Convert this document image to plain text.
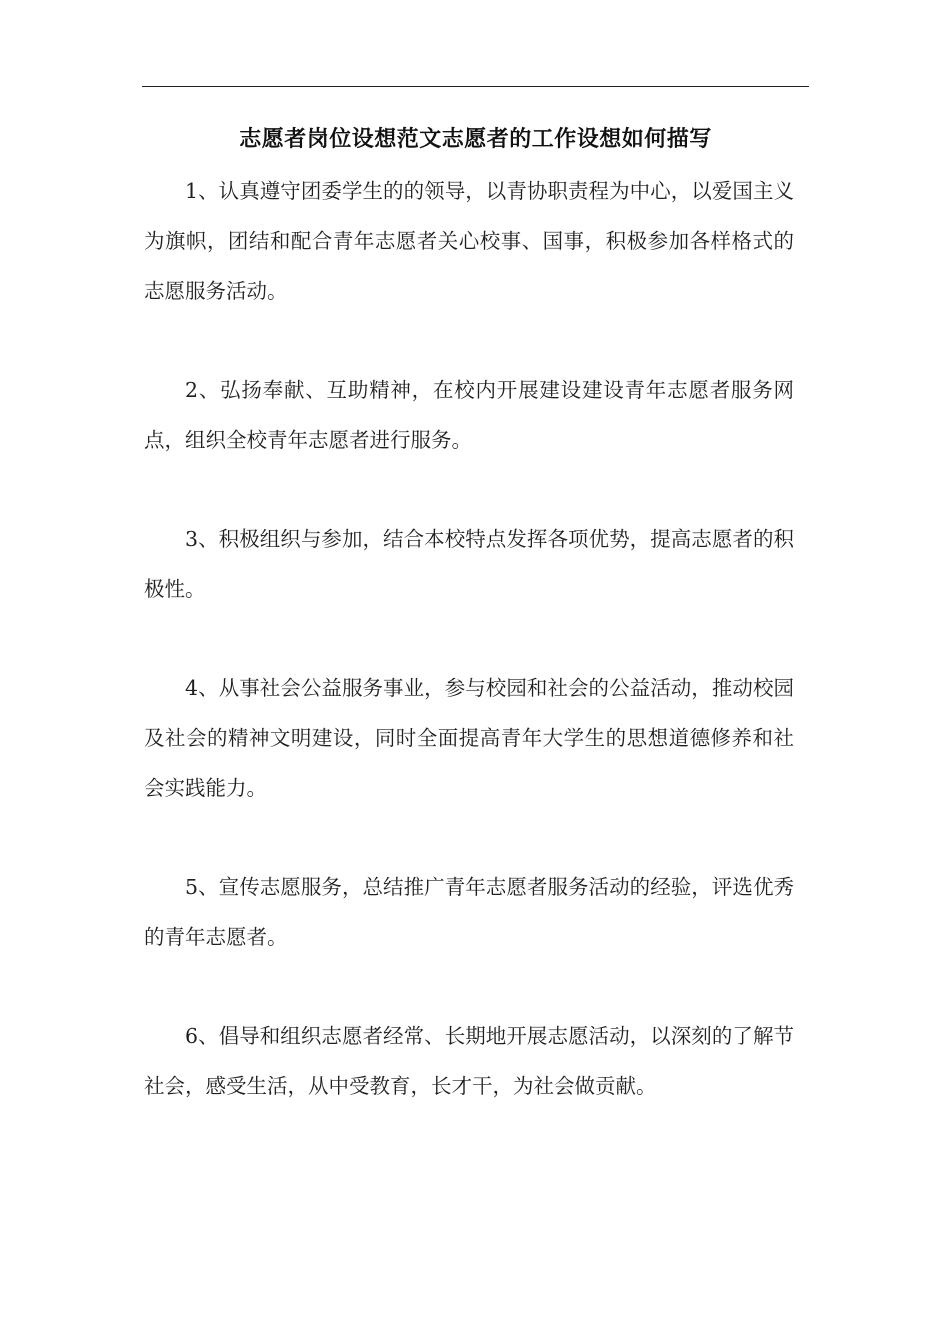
志愿者岗位设想范文志愿者的工作设想如何描写

1、认真遵守团委学生的的领导，以青协职责程为中心，以爱国主义为旗帜，团结和配合青年志愿者关心校事、国事，积极参加各样格式的志愿服务活动。

2、弘扬奉献、互助精神，在校内开展建设建设青年志愿者服务网点，组织全校青年志愿者进行服务。

3、积极组织与参加，结合本校特点发挥各项优势，提高志愿者的积极性。

4、从事社会公益服务事业，参与校园和社会的公益活动，推动校园及社会的精神文明建设，同时全面提高青年大学生的思想道德修养和社会实践能力。

5、宣传志愿服务，总结推广青年志愿者服务活动的经验，评选优秀的青年志愿者。

6、倡导和组织志愿者经常、长期地开展志愿活动，以深刻的了解节社会，感受生活，从中受教育，长才干，为社会做贡献。
